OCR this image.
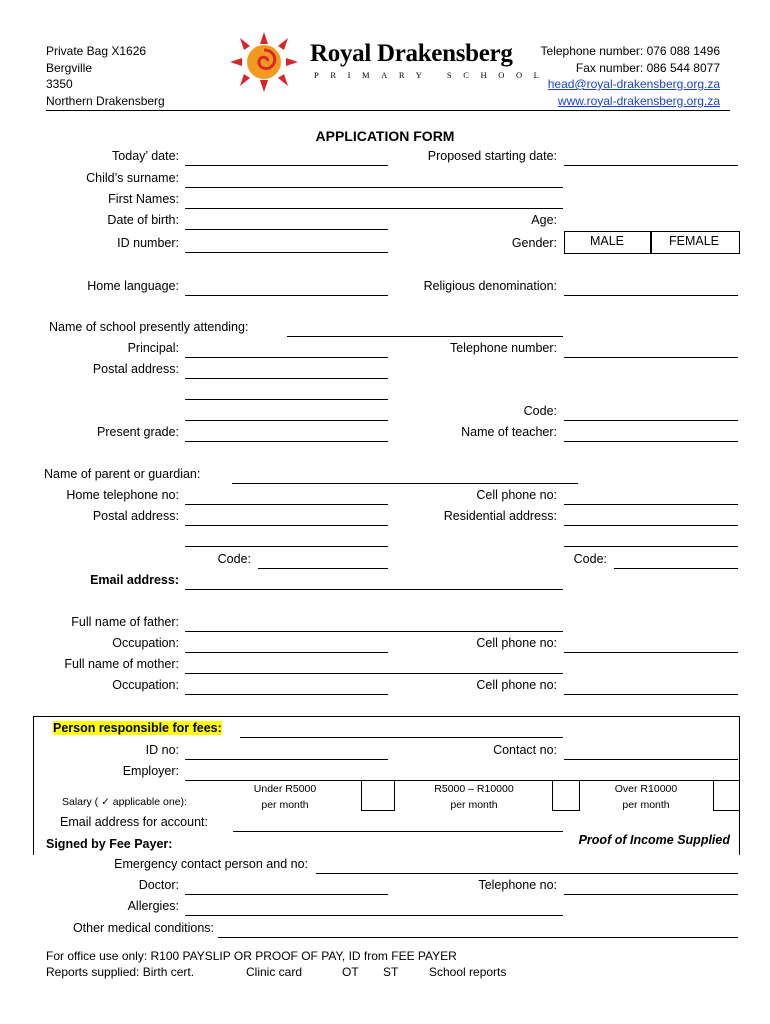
Private Bag X1626
Bergville
3350
Northern Drakensberg
Royal Drakensberg
PRIMARY SCHOOL
Telephone number: 076 088 1496
Fax number: 086 544 8077
head@royal-drakensberg.org.za
www.royal-drakensberg.org.za
APPLICATION FORM
Today’ date:	Proposed starting date:
Child’s surname:
First Names:
Date of birth:	Age:
ID number:	Gender:	MALE	FEMALE
Home language:	Religious denomination:
Name of school presently attending:
Principal:	Telephone number:
Postal address:
Code:
Present grade:	Name of teacher:
Name of parent or guardian:
Home telephone no:	Cell phone no:
Postal address:	Residential address:
Code:	Code:
Email address:
Full name of father:
Occupation:	Cell phone no:
Full name of mother:
Occupation:	Cell phone no:
Person responsible for fees:
ID no:	Contact no:
Employer:
Salary ( ✓ applicable one):
Under R5000
per month
R5000 – R10000
per month
Over R10000
per month
Email address for account:
Signed by Fee Payer:	Proof of Income Supplied
Emergency contact person and no:
Doctor:	Telephone no:
Allergies:
Other medical conditions:
For office use only: R100 PAYSLIP OR PROOF OF PAY, ID from FEE PAYER
Reports supplied: Birth cert.	Clinic card	OT ST	School reports
